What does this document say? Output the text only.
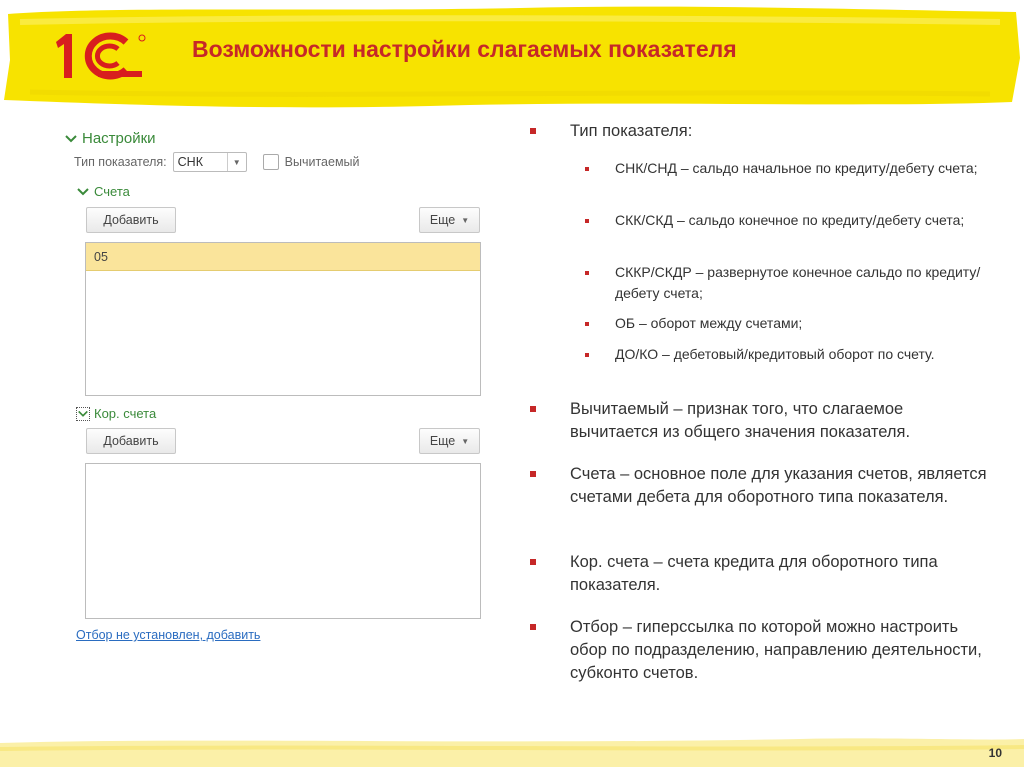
Возможности настройки слагаемых показателя
Настройки
Тип показателя: СНК	▼	Вычитаемый
Счета
Добавить	Еще ▼
05
Кор. счета
Добавить	Еще ▼
Отбор не установлен, добавить
Тип показателя:
СНК/СНД – сальдо начальное по кредиту/дебету счета;
СКК/СКД – сальдо конечное по кредиту/дебету счета;
СККР/СКДР – развернутое конечное сальдо по кредиту/дебету счета;
ОБ – оборот между счетами;
ДО/КО – дебетовый/кредитовый оборот по счету.
Вычитаемый – признак того, что слагаемое вычитается из общего значения показателя.
Счета – основное поле для указания счетов, является счетами дебета для оборотного типа показателя.
Кор. счета – счета кредита для оборотного типа показателя.
Отбор – гиперссылка по которой можно настроить обор по подразделению, направлению деятельности, субконто счетов.
10
